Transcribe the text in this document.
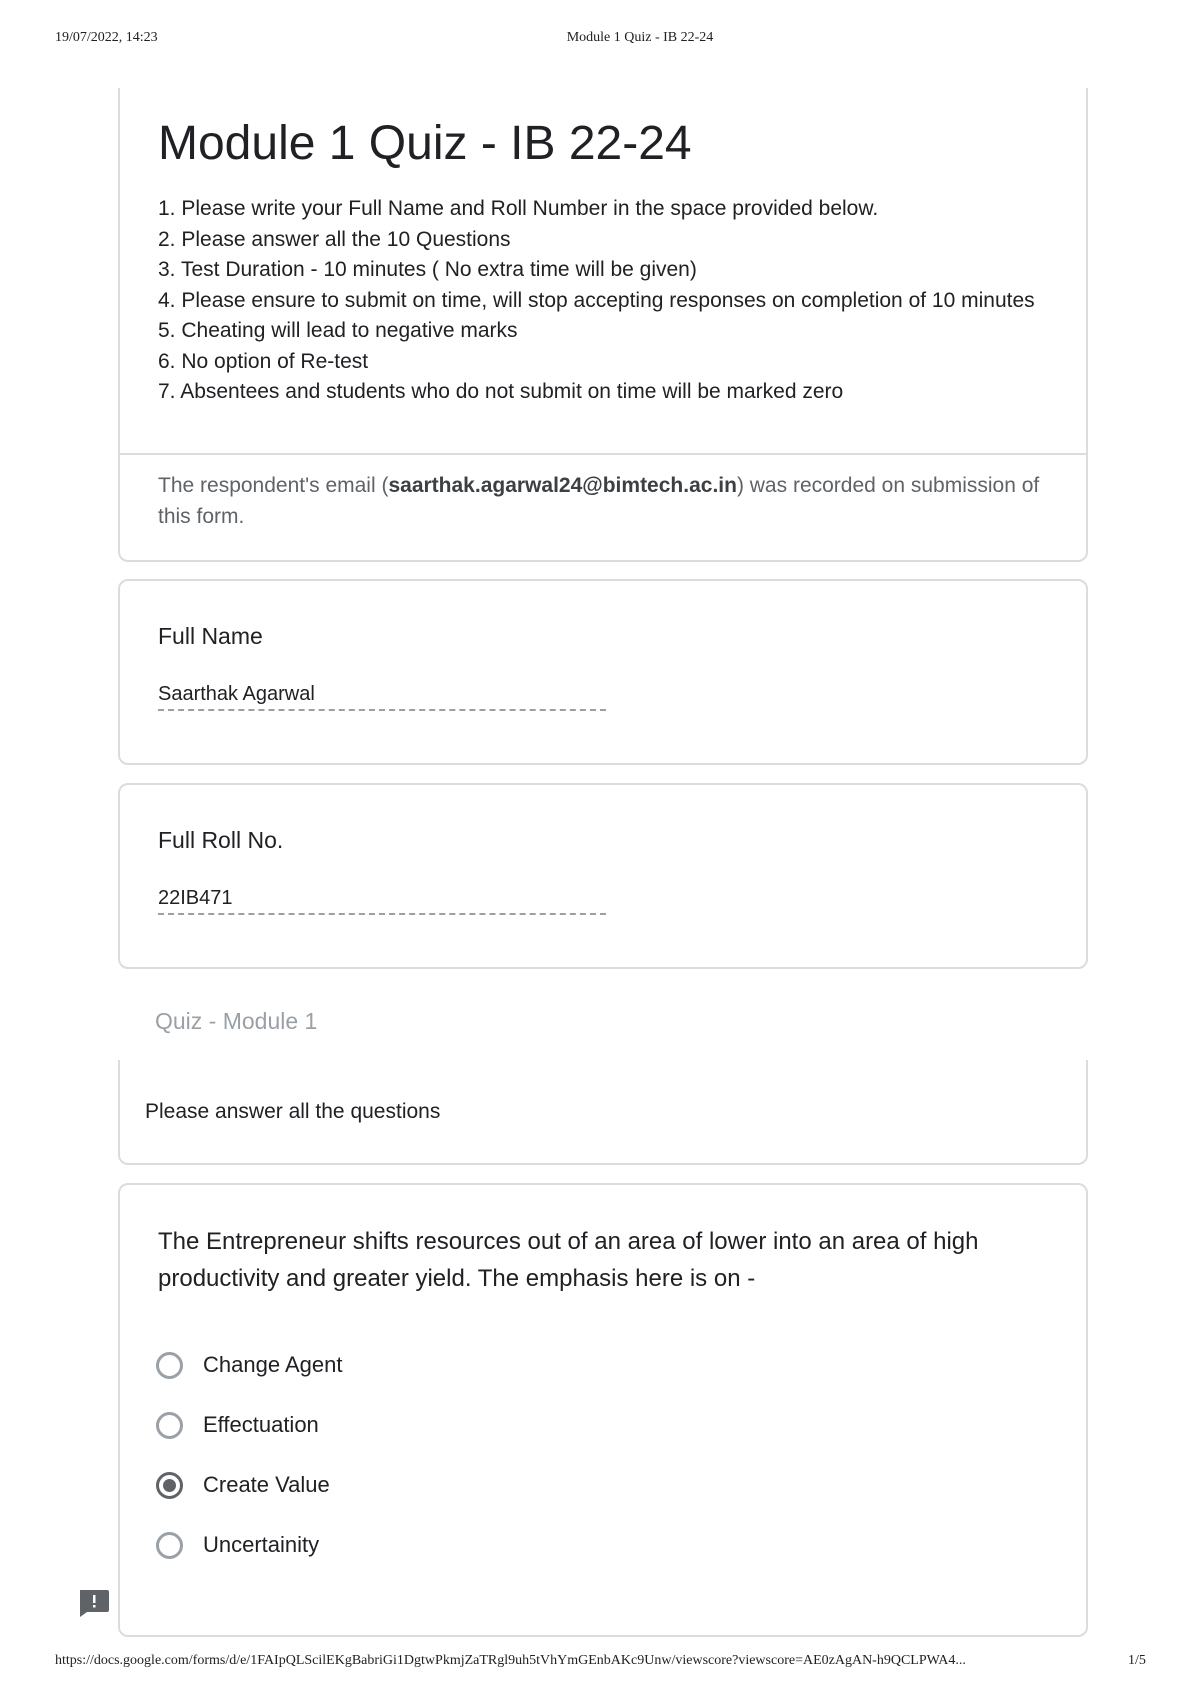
19/07/2022, 14:23	Module 1 Quiz - IB 22-24
Module 1 Quiz - IB 22-24
1. Please write your Full Name and Roll Number in the space provided below.
2. Please answer all the 10 Questions
3. Test Duration - 10 minutes ( No extra time will be given)
4. Please ensure to submit on time, will stop accepting responses on completion of 10 minutes
5. Cheating will lead to negative marks
6. No option of Re-test
7. Absentees and students who do not submit on time will be marked zero
The respondent's email (saarthak.agarwal24@bimtech.ac.in) was recorded on submission of this form.
Full Name
Saarthak Agarwal
Full Roll No.
22IB471
Quiz - Module 1
Please answer all the questions
The Entrepreneur shifts resources out of an area of lower into an area of high productivity and greater yield. The emphasis here is on -
Change Agent
Effectuation
Create Value
Uncertainity
https://docs.google.com/forms/d/e/1FAIpQLScilEKgBabriGi1DgtwPkmjZaTRgl9uh5tVhYmGEnbAKc9Unw/viewscore?viewscore=AE0zAgAN-h9QCLPWA4...	1/5
